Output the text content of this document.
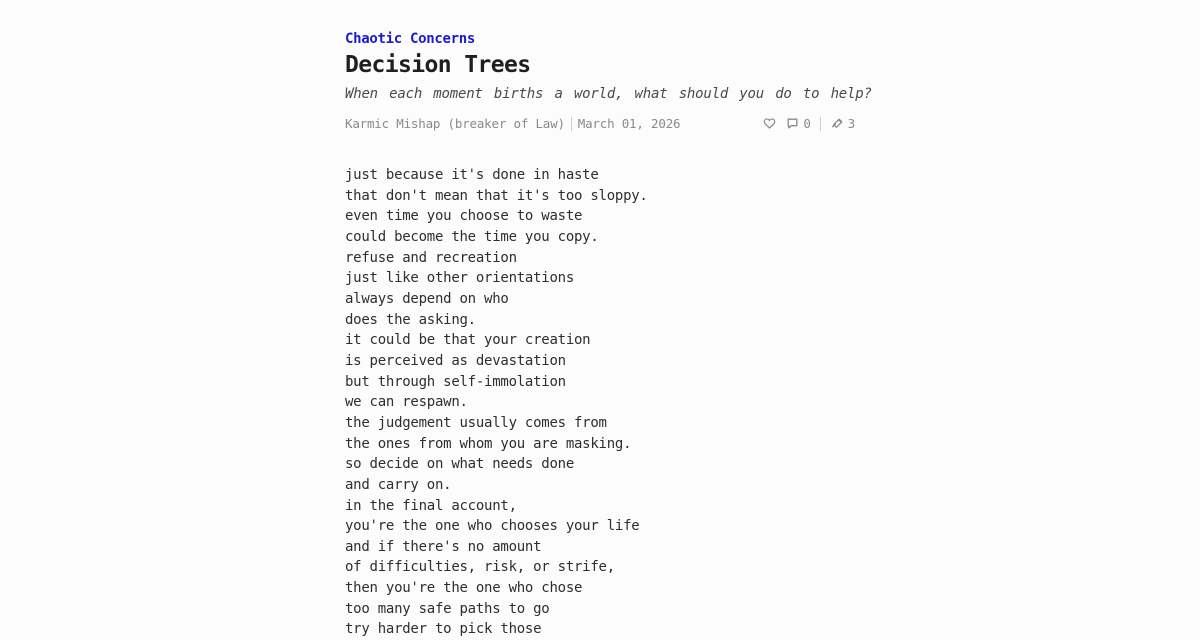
Chaotic Concerns
Decision Trees
When each moment births a world, what should you do to help?
Karmic Mishap (breaker of Law) March 01, 2026	0	3
just because it's done in haste
that don't mean that it's too sloppy.
even time you choose to waste
could become the time you copy.
refuse and recreation
just like other orientations
always depend on who
does the asking.
it could be that your creation
is perceived as devastation
but through self-immolation
we can respawn.
the judgement usually comes from
the ones from whom you are masking.
so decide on what needs done
and carry on.
in the final account,
you're the one who chooses your life
and if there's no amount
of difficulties, risk, or strife,
then you're the one who chose
too many safe paths to go
try harder to pick those
